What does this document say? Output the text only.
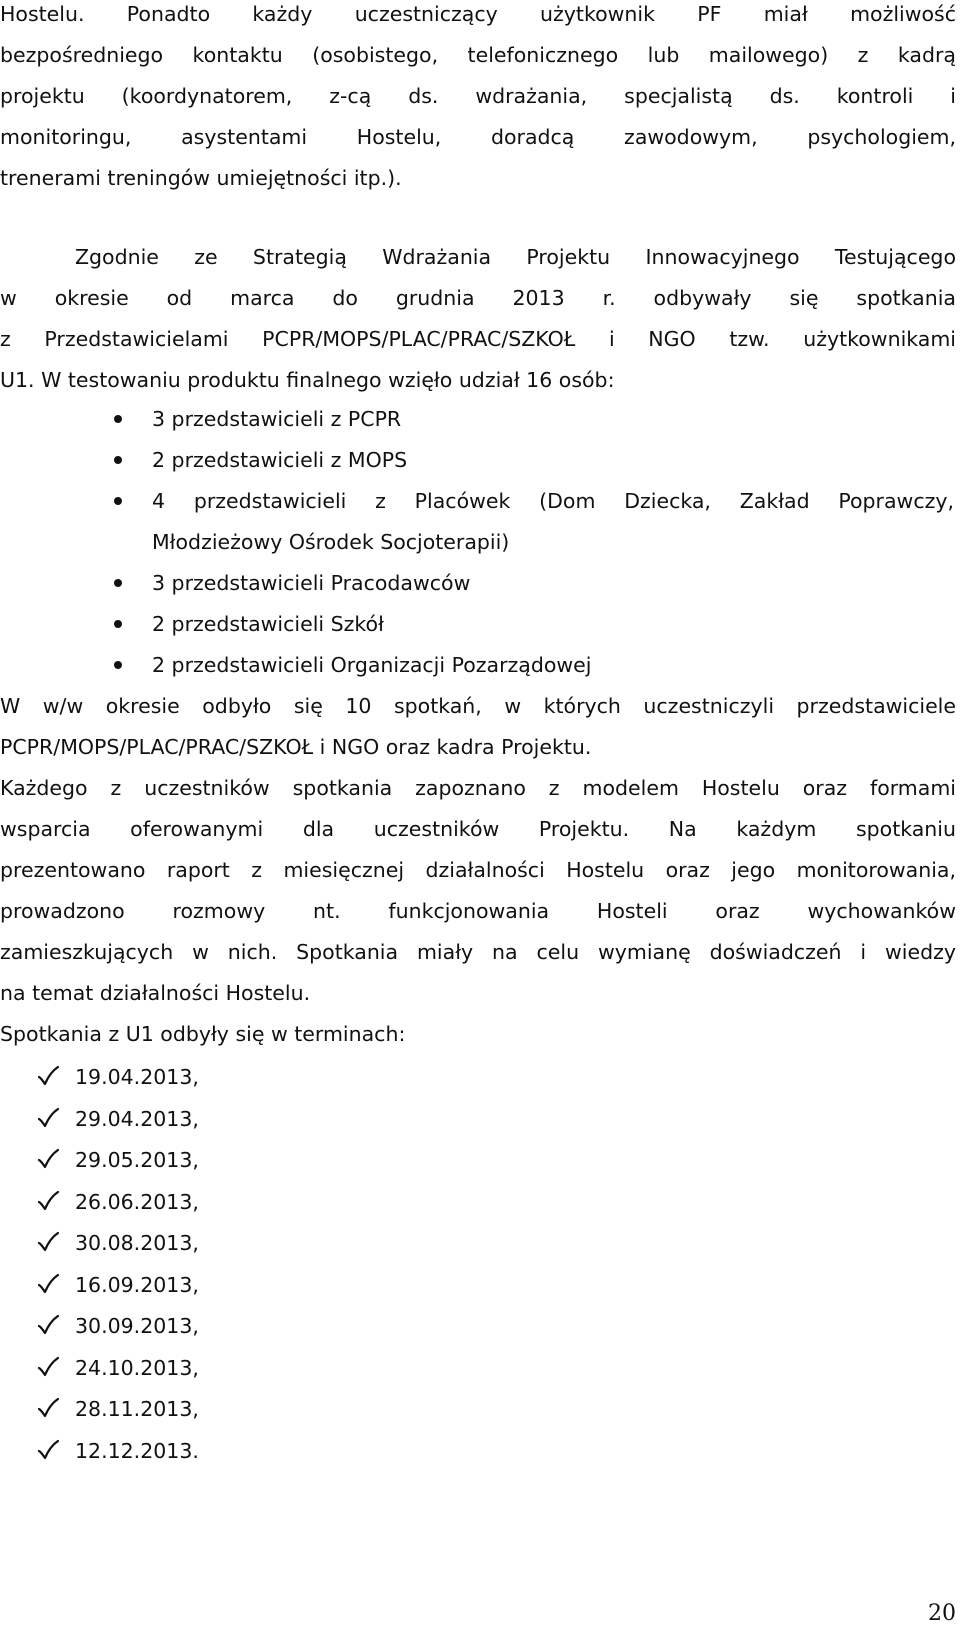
Hostelu. Ponadto każdy uczestniczący użytkownik PF miał możliwość
bezpośredniego kontaktu (osobistego, telefonicznego lub mailowego) z kadrą
projektu (koordynatorem, z-cą ds. wdrażania, specjalistą ds. kontroli i
monitoringu, asystentami Hostelu, doradcą zawodowym, psychologiem,
trenerami treningów umiejętności itp.).
Zgodnie ze Strategią Wdrażania Projektu Innowacyjnego Testującego
w okresie od marca do grudnia 2013 r. odbywały się spotkania
z Przedstawicielami PCPR/MOPS/PLAC/PRAC/SZKOŁ i NGO tzw. użytkownikami
U1. W testowaniu produktu finalnego wzięło udział 16 osób:
3 przedstawicieli z PCPR
2 przedstawicieli z MOPS
4 przedstawicieli z Placówek (Dom Dziecka, Zakład Poprawczy,
Młodzieżowy Ośrodek Socjoterapii)
3 przedstawicieli Pracodawców
2 przedstawicieli Szkół
2 przedstawicieli Organizacji Pozarządowej
W w/w okresie odbyło się 10 spotkań, w których uczestniczyli przedstawiciele
PCPR/MOPS/PLAC/PRAC/SZKOŁ i NGO oraz kadra Projektu.
Każdego z uczestników spotkania zapoznano z modelem Hostelu oraz formami
wsparcia oferowanymi dla uczestników Projektu. Na każdym spotkaniu
prezentowano raport z miesięcznej działalności Hostelu oraz jego monitorowania,
prowadzono rozmowy nt. funkcjonowania Hosteli oraz wychowanków
zamieszkujących w nich. Spotkania miały na celu wymianę doświadczeń i wiedzy
na temat działalności Hostelu.
Spotkania z U1 odbyły się w terminach:
19.04.2013,
29.04.2013,
29.05.2013,
26.06.2013,
30.08.2013,
16.09.2013,
30.09.2013,
24.10.2013,
28.11.2013,
12.12.2013.
20
